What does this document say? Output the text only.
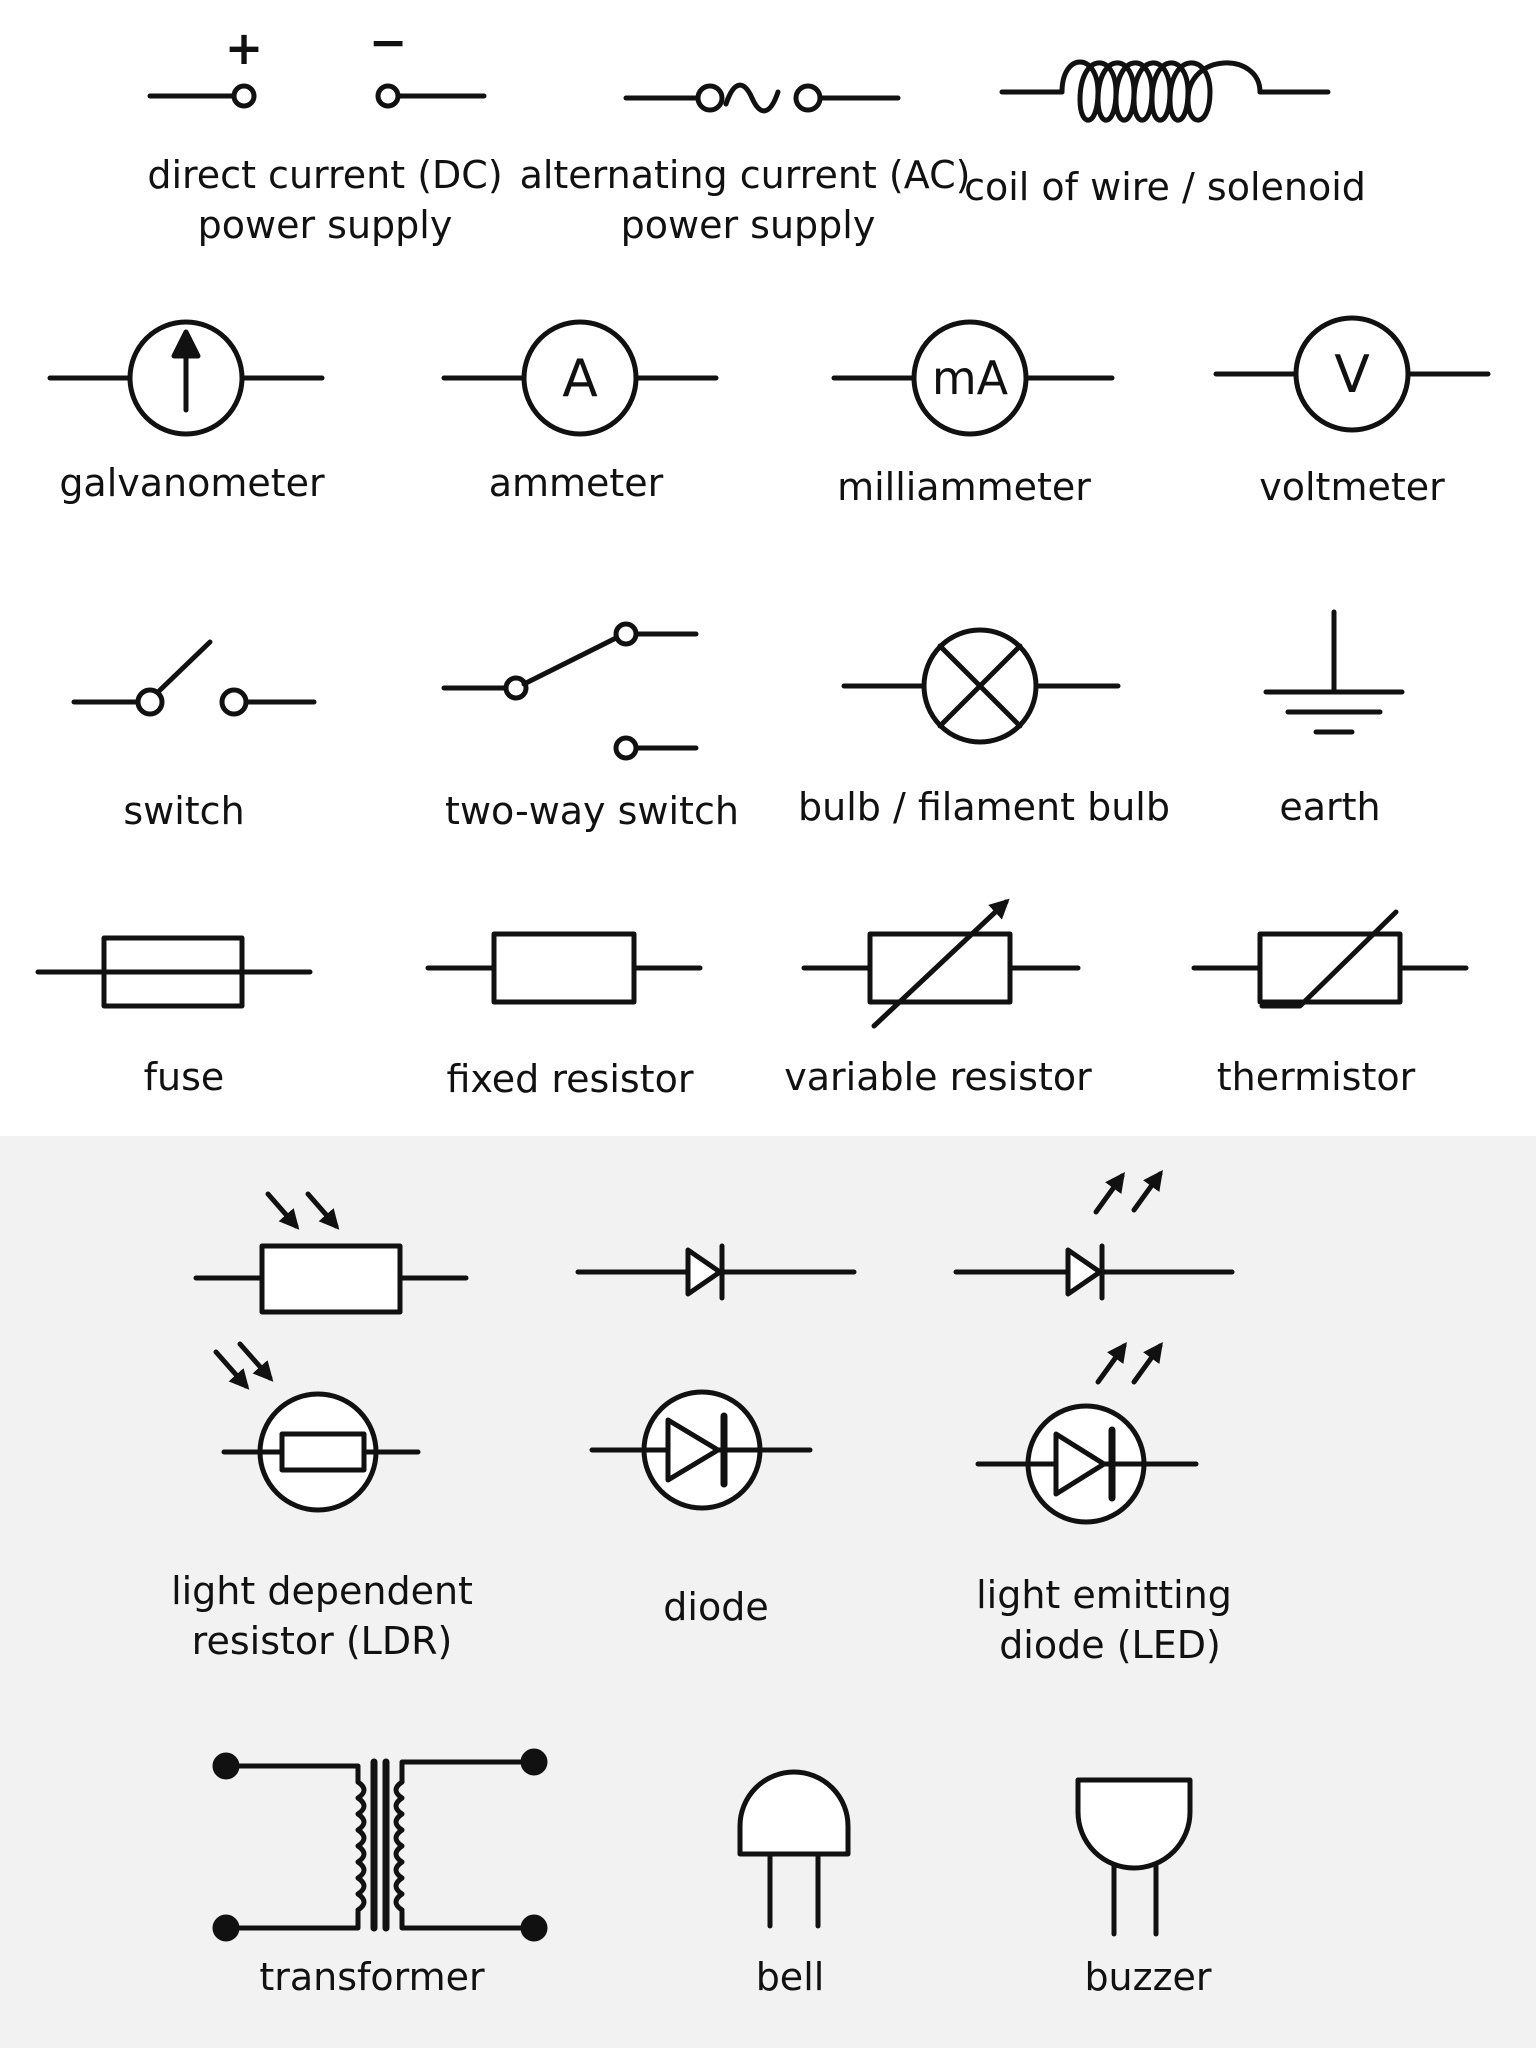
+ −
A	mA	V
direct current (DC)
power supply
alternating current (AC)
power supply
coil of wire / solenoid
galvanometer	ammeter	milliammeter	voltmeter
switch	two-way switch bulb / filament bulb	earth
fuse	fixed resistor variable resistor	thermistor
light dependent
resistor (LDR)
diode	light emitting
diode (LED)
transformer	bell	buzzer
